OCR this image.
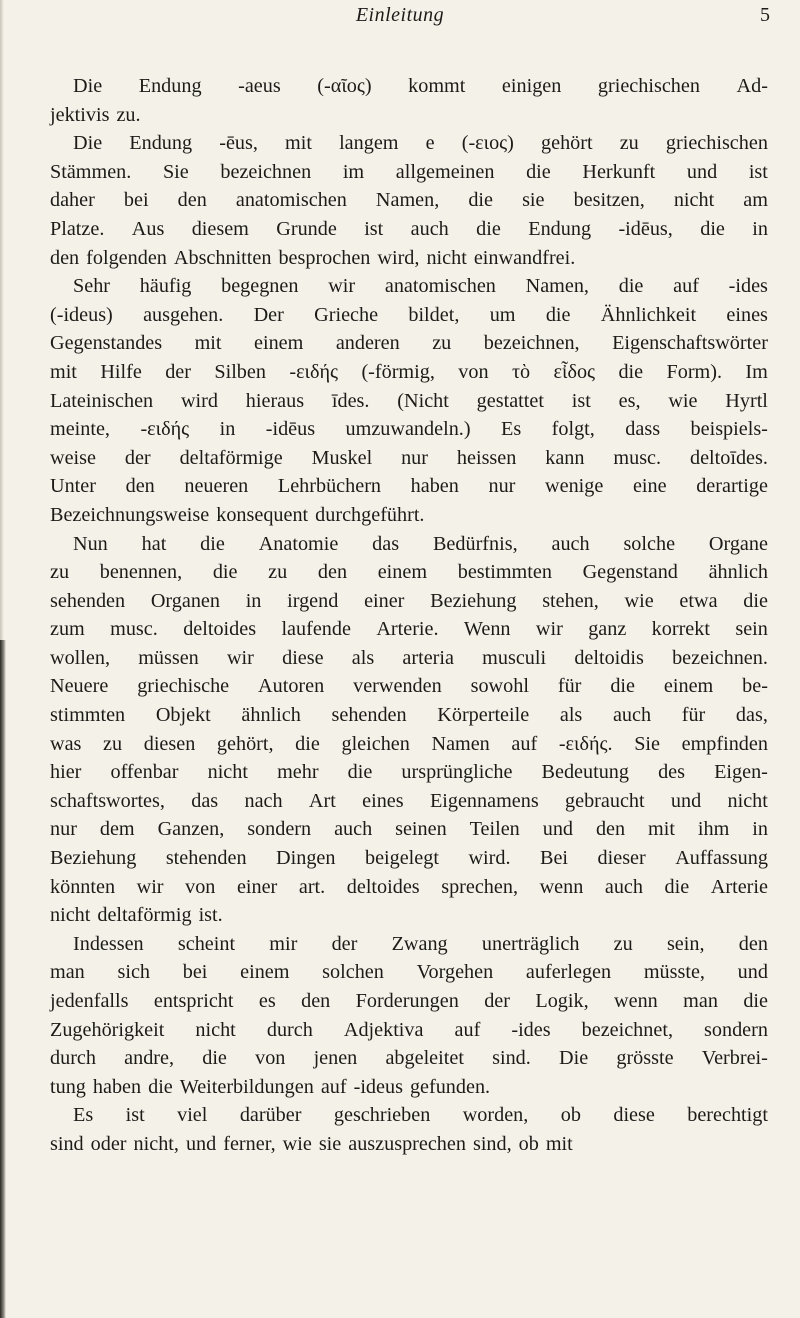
Einleitung	5
Die Endung -aeus (-αῖος) kommt einigen griechischen Ad-
jektivis zu.
Die Endung -ēus, mit langem e (-ειος) gehört zu griechischen
Stämmen. Sie bezeichnen im allgemeinen die Herkunft und ist
daher bei den anatomischen Namen, die sie besitzen, nicht am
Platze. Aus diesem Grunde ist auch die Endung -idēus, die in
den folgenden Abschnitten besprochen wird, nicht einwandfrei.
Sehr häufig begegnen wir anatomischen Namen, die auf -ides
(-ideus) ausgehen. Der Grieche bildet, um die Ähnlichkeit eines
Gegenstandes mit einem anderen zu bezeichnen, Eigenschaftswörter
mit Hilfe der Silben -ειδής (-förmig, von τὸ εἶδος die Form). Im
Lateinischen wird hieraus īdes. (Nicht gestattet ist es, wie Hyrtl
meinte, -ειδής in -idēus umzuwandeln.) Es folgt, dass beispiels-
weise der deltaförmige Muskel nur heissen kann musc. deltoīdes.
Unter den neueren Lehrbüchern haben nur wenige eine derartige
Bezeichnungsweise konsequent durchgeführt.
Nun hat die Anatomie das Bedürfnis, auch solche Organe
zu benennen, die zu den einem bestimmten Gegenstand ähnlich
sehenden Organen in irgend einer Beziehung stehen, wie etwa die
zum musc. deltoides laufende Arterie. Wenn wir ganz korrekt sein
wollen, müssen wir diese als arteria musculi deltoidis bezeichnen.
Neuere griechische Autoren verwenden sowohl für die einem be-
stimmten Objekt ähnlich sehenden Körperteile als auch für das,
was zu diesen gehört, die gleichen Namen auf -ειδής. Sie empfinden
hier offenbar nicht mehr die ursprüngliche Bedeutung des Eigen-
schaftswortes, das nach Art eines Eigennamens gebraucht und nicht
nur dem Ganzen, sondern auch seinen Teilen und den mit ihm in
Beziehung stehenden Dingen beigelegt wird. Bei dieser Auffassung
könnten wir von einer art. deltoides sprechen, wenn auch die Arterie
nicht deltaförmig ist.
Indessen scheint mir der Zwang unerträglich zu sein, den
man sich bei einem solchen Vorgehen auferlegen müsste, und
jedenfalls entspricht es den Forderungen der Logik, wenn man die
Zugehörigkeit nicht durch Adjektiva auf -ides bezeichnet, sondern
durch andre, die von jenen abgeleitet sind. Die grösste Verbrei-
tung haben die Weiterbildungen auf -ideus gefunden.
Es ist viel darüber geschrieben worden, ob diese berechtigt
sind oder nicht, und ferner, wie sie auszusprechen sind, ob mit
